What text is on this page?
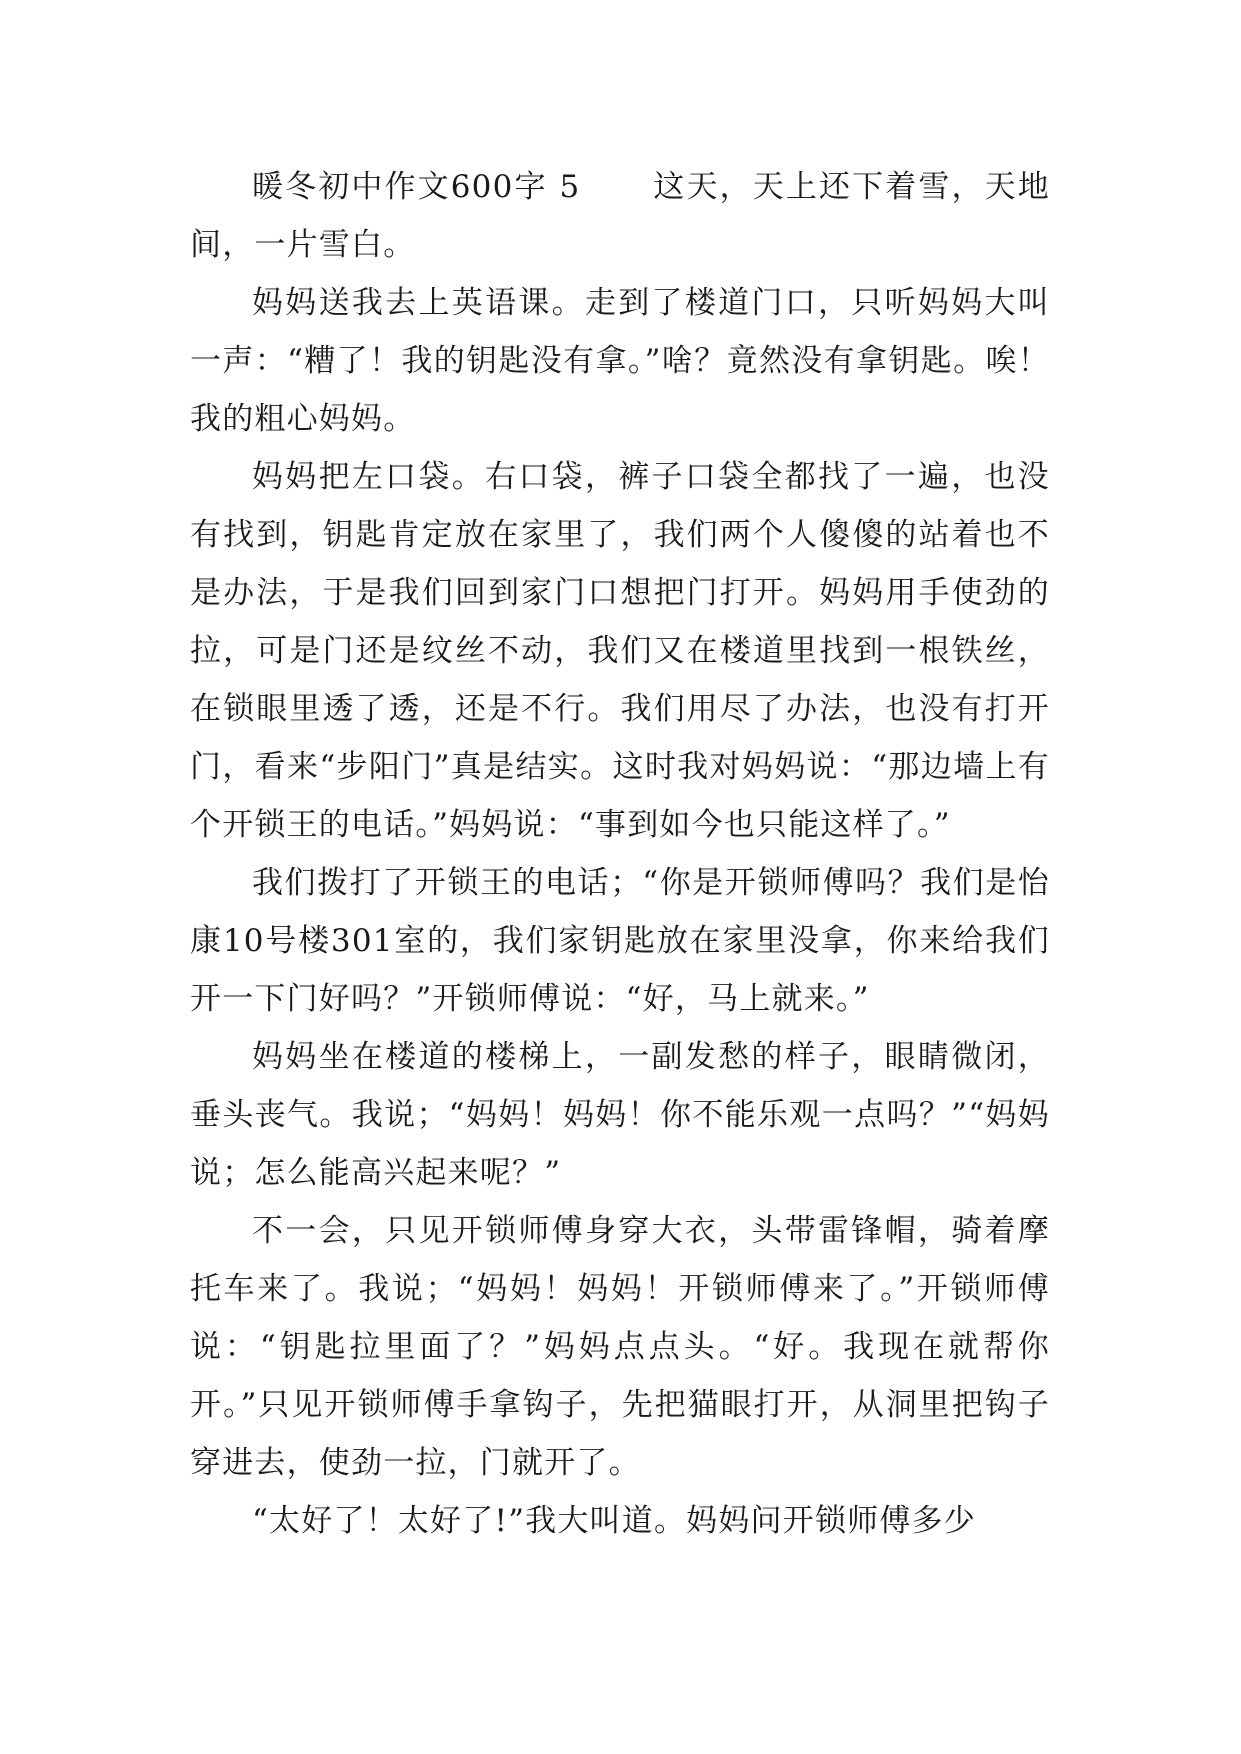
暖冬初中作文600字 5 这天，天上还下着雪，天地间，一片雪白。

妈妈送我去上英语课。走到了楼道门口，只听妈妈大叫一声：“糟了！我的钥匙没有拿。”啥？竟然没有拿钥匙。唉！我的粗心妈妈。

妈妈把左口袋。右口袋，裤子口袋全都找了一遍，也没有找到，钥匙肯定放在家里了，我们两个人傻傻的站着也不是办法，于是我们回到家门口想把门打开。妈妈用手使劲的拉，可是门还是纹丝不动，我们又在楼道里找到一根铁丝，在锁眼里透了透，还是不行。我们用尽了办法，也没有打开门，看来“步阳门”真是结实。这时我对妈妈说：“那边墙上有个开锁王的电话。”妈妈说：“事到如今也只能这样了。”

我们拨打了开锁王的电话；“你是开锁师傅吗？我们是怡康10号楼301室的，我们家钥匙放在家里没拿，你来给我们开一下门好吗？”开锁师傅说：“好，马上就来。”

妈妈坐在楼道的楼梯上，一副发愁的样子，眼睛微闭，垂头丧气。我说；“妈妈！妈妈！你不能乐观一点吗？”“妈妈说；怎么能高兴起来呢？”

不一会，只见开锁师傅身穿大衣，头带雷锋帽，骑着摩托车来了。我说；“妈妈！妈妈！开锁师傅来了。”开锁师傅说：“钥匙拉里面了？”妈妈点点头。“好。我现在就帮你开。”只见开锁师傅手拿钩子，先把猫眼打开，从洞里把钩子穿进去，使劲一拉，门就开了。

“太好了！太好了!”我大叫道。妈妈问开锁师傅多少
